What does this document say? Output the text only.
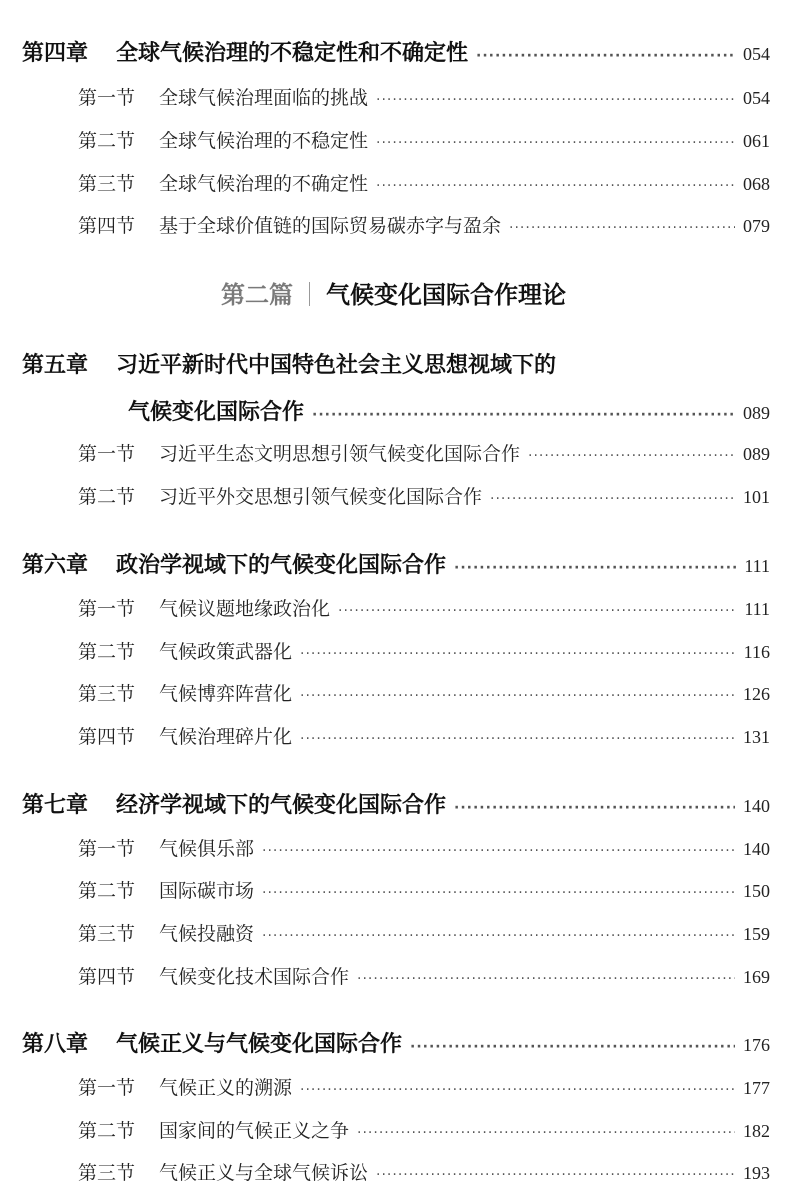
第四章 全球气候治理的不稳定性和不确定性 ·····	054
第一节 全球气候治理面临的挑战 ·····	054
第二节 全球气候治理的不稳定性 ·····	061
第三节 全球气候治理的不确定性 ·····	068
第四节 基于全球价值链的国际贸易碳赤字与盈余 ·····	079
第二篇 气候变化国际合作理论
第五章 习近平新时代中国特色社会主义思想视域下的
气候变化国际合作 ·····	089
第一节 习近平生态文明思想引领气候变化国际合作 ·····	089
第二节 习近平外交思想引领气候变化国际合作 ·····	101
第六章 政治学视域下的气候变化国际合作 ·····	111
第一节 气候议题地缘政治化 ·····	111
第二节 气候政策武器化 ·····	116
第三节 气候博弈阵营化 ·····	126
第四节 气候治理碎片化 ·····	131
第七章 经济学视域下的气候变化国际合作 ·····	140
第一节 气候俱乐部 ·····	140
第二节 国际碳市场 ·····	150
第三节 气候投融资 ·····	159
第四节 气候变化技术国际合作 ·····	169
第八章 气候正义与气候变化国际合作 ·····	176
第一节 气候正义的溯源 ·····	177
第二节 国家间的气候正义之争 ·····	182
第三节 气候正义与全球气候诉讼 ·····	193
